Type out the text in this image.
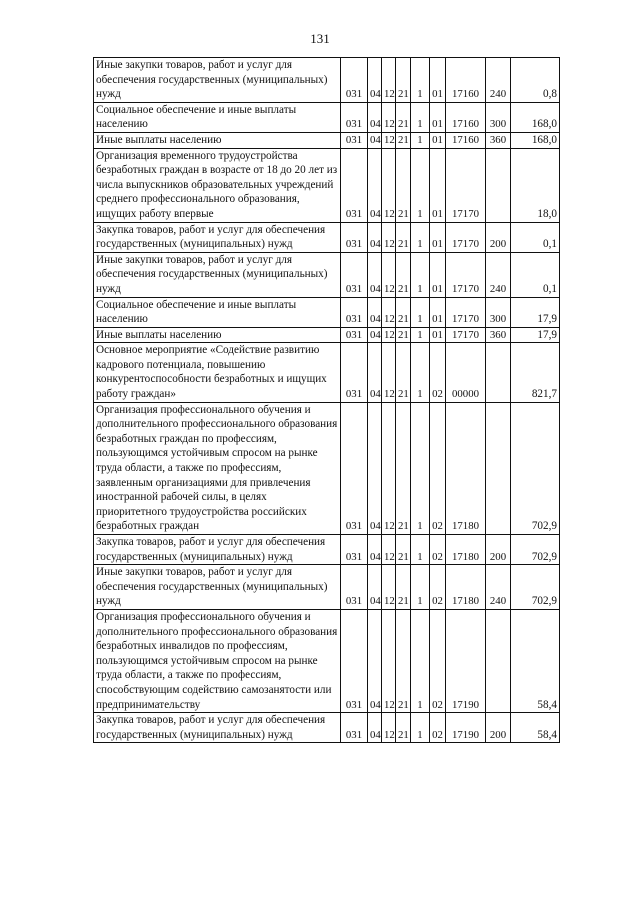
131
Иные закупки товаров, работ и услуг для обеспечения государственных (муниципальных) нужд	031	04	12	21	1	01	17160	240	0,8
Социальное обеспечение и иные выплаты населению	031	04	12	21	1	01	17160	300	168,0
Иные выплаты населению	031	04	12	21	1	01	17160	360	168,0
Организация временного трудоустройства безработных граждан в возрасте от 18 до 20 лет из числа выпускников образовательных учреждений среднего профессионального образования, ищущих работу впервые	031	04	12	21	1	01	17170		18,0
Закупка товаров, работ и услуг для обеспечения государственных (муниципальных) нужд	031	04	12	21	1	01	17170	200	0,1
Иные закупки товаров, работ и услуг для обеспечения государственных (муниципальных) нужд	031	04	12	21	1	01	17170	240	0,1
Социальное обеспечение и иные выплаты населению	031	04	12	21	1	01	17170	300	17,9
Иные выплаты населению	031	04	12	21	1	01	17170	360	17,9
Основное мероприятие «Содействие развитию кадрового потенциала, повышению конкурентоспособности безработных и ищущих работу граждан»	031	04	12	21	1	02	00000		821,7
Организация профессионального обучения и дополнительного профессионального образования безработных граждан по профессиям, пользующимся устойчивым спросом на рынке труда области, а также по профессиям, заявленным организациями для привлечения иностранной рабочей силы, в целях приоритетного трудоустройства российских безработных граждан	031	04	12	21	1	02	17180		702,9
Закупка товаров, работ и услуг для обеспечения государственных (муниципальных) нужд	031	04	12	21	1	02	17180	200	702,9
Иные закупки товаров, работ и услуг для обеспечения государственных (муниципальных) нужд	031	04	12	21	1	02	17180	240	702,9
Организация профессионального обучения и дополнительного профессионального образования безработных инвалидов по профессиям, пользующимся устойчивым спросом на рынке труда области, а также по профессиям, способствующим содействию самозанятости или предпринимательству	031	04	12	21	1	02	17190		58,4
Закупка товаров, работ и услуг для обеспечения государственных (муниципальных) нужд	031	04	12	21	1	02	17190	200	58,4
